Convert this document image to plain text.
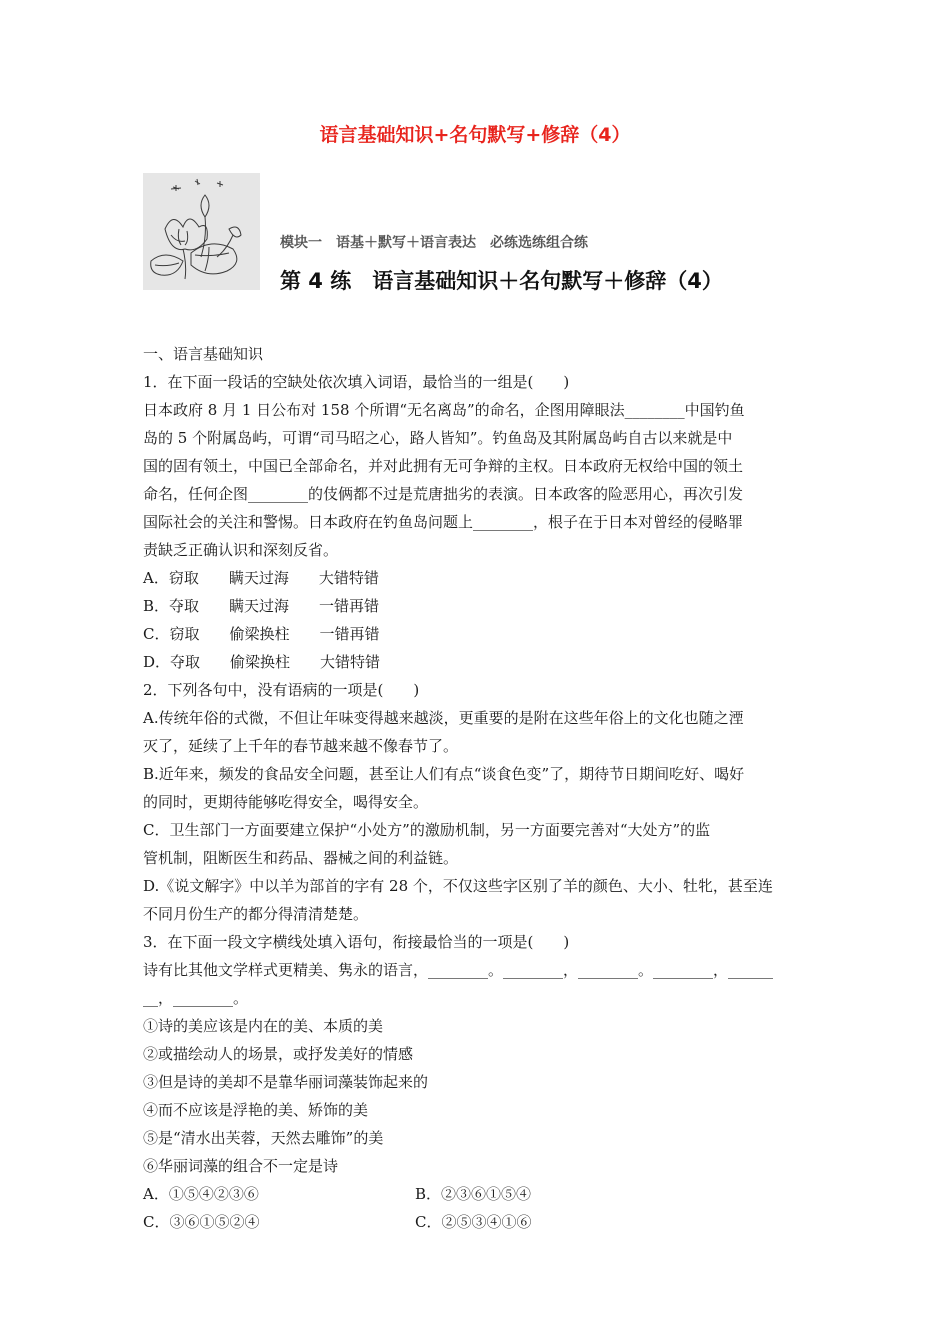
语言基础知识+名句默写+修辞（4）
模块一　语基＋默写＋语言表达　必练选练组合练
第 4 练　语言基础知识＋名句默写＋修辞（4）

一、语言基础知识

1．在下面一段话的空缺处依次填入词语，最恰当的一组是(　　)

日本政府 8 月 1 日公布对 158 个所谓“无名离岛”的命名，企图用障眼法________中国钓鱼

岛的 5 个附属岛屿，可谓“司马昭之心，路人皆知”。钓鱼岛及其附属岛屿自古以来就是中

国的固有领土，中国已全部命名，并对此拥有无可争辩的主权。日本政府无权给中国的领土

命名，任何企图________的伎俩都不过是荒唐拙劣的表演。日本政客的险恶用心，再次引发

国际社会的关注和警惕。日本政府在钓鱼岛问题上________，根子在于日本对曾经的侵略罪

责缺乏正确认识和深刻反省。

A．窃取　　瞒天过海　　大错特错

B．夺取　　瞒天过海　　一错再错

C．窃取　　偷梁换柱　　一错再错

D．夺取　　偷梁换柱　　大错特错

2．下列各句中，没有语病的一项是(　　)

A.传统年俗的式微，不但让年味变得越来越淡，更重要的是附在这些年俗上的文化也随之湮

灭了，延续了上千年的春节越来越不像春节了。

B.近年来，频发的食品安全问题，甚至让人们有点“谈食色变”了，期待节日期间吃好、喝好

的同时，更期待能够吃得安全，喝得安全。

C．卫生部门一方面要建立保护“小处方”的激励机制，另一方面要完善对“大处方”的监

管机制，阻断医生和药品、器械之间的利益链。

D.《说文解字》中以羊为部首的字有 28 个，不仅这些字区别了羊的颜色、大小、牡牝，甚至连

不同月份生产的都分得清清楚楚。

3．在下面一段文字横线处填入语句，衔接最恰当的一项是(　　)

诗有比其他文学样式更精美、隽永的语言，________。________，________。________，______

__，________。

①诗的美应该是内在的美、本质的美

②或描绘动人的场景，或抒发美好的情感

③但是诗的美却不是靠华丽词藻装饰起来的

④而不应该是浮艳的美、矫饰的美

⑤是“清水出芙蓉，天然去雕饰”的美

⑥华丽词藻的组合不一定是诗

A．①⑤④②③⑥	B．②③⑥①⑤④
C．③⑥①⑤②④	C．②⑤③④①⑥
